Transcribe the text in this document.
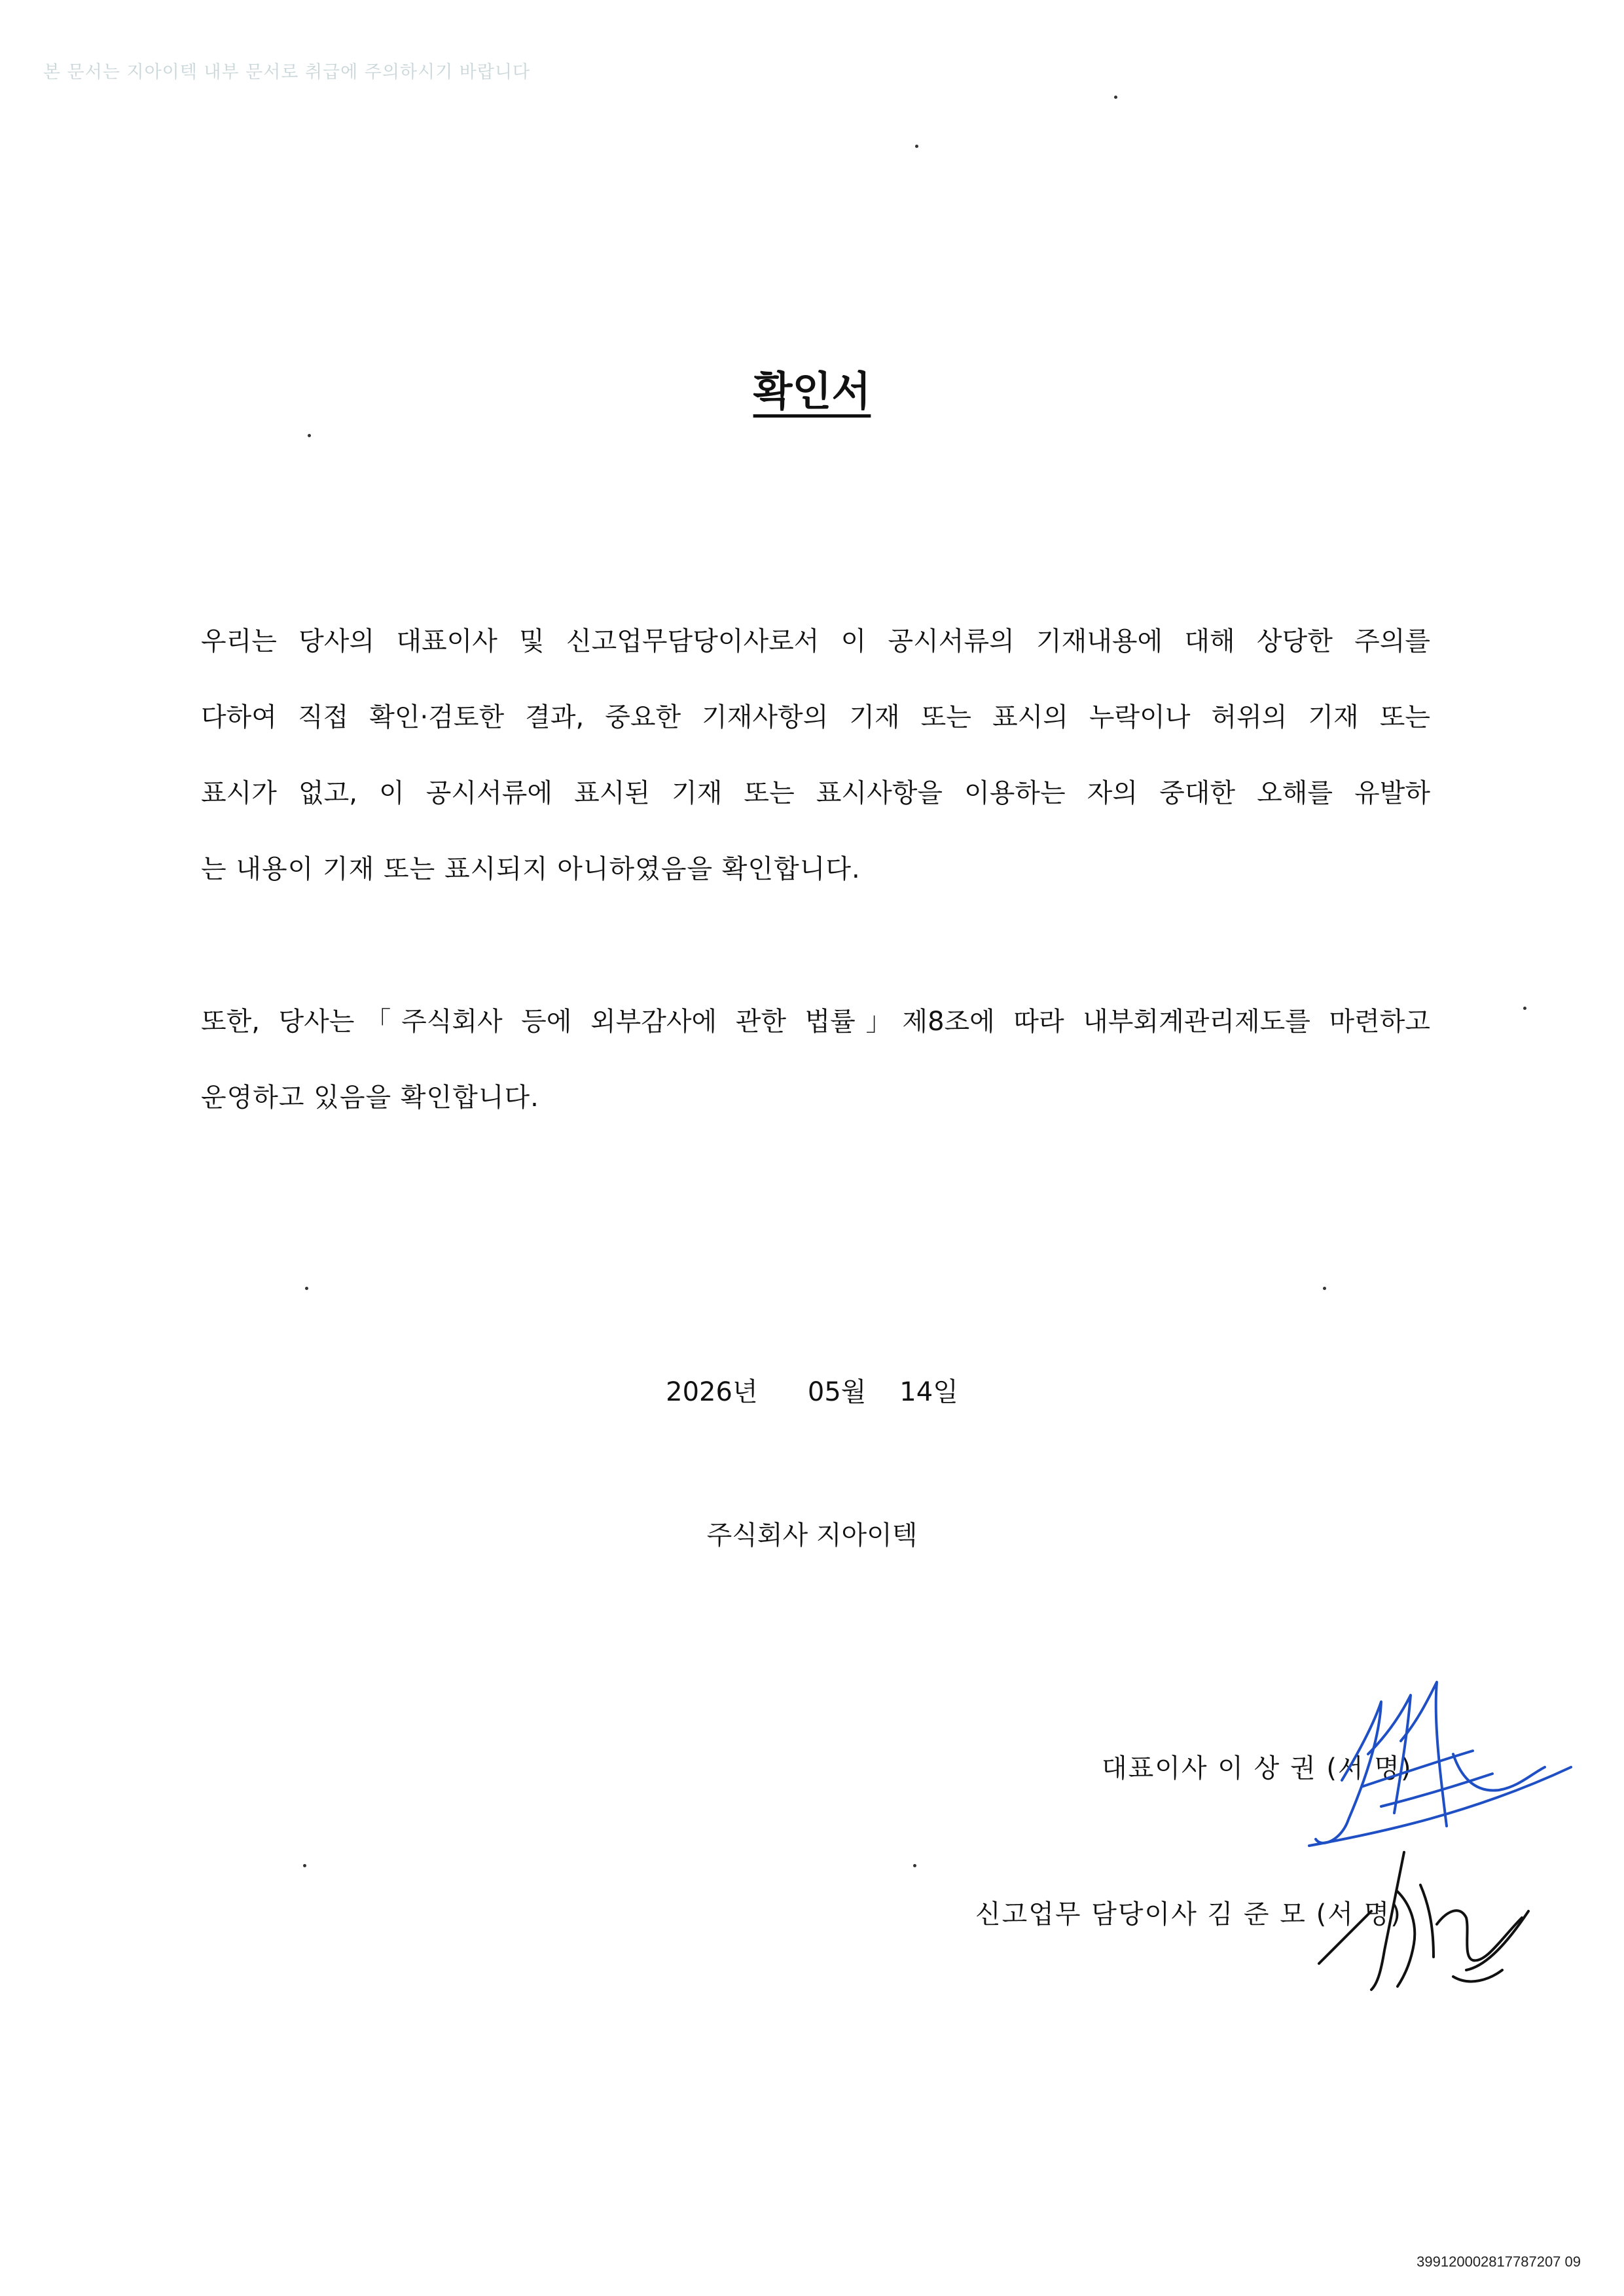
본 문서는 지아이텍 내부 문서로 취급에 주의하시기 바랍니다
확인서
우리는 당사의 대표이사 및 신고업무담당이사로서 이 공시서류의 기재내용에 대해 상당한 주의를
다하여 직접 확인·검토한 결과, 중요한 기재사항의 기재 또는 표시의 누락이나 허위의 기재 또는
표시가 없고, 이 공시서류에 표시된 기재 또는 표시사항을 이용하는 자의 중대한 오해를 유발하
는 내용이 기재 또는 표시되지 아니하였음을 확인합니다.
또한, 당사는「주식회사 등에 외부감사에 관한 법률」제8조에 따라 내부회계관리제도를 마련하고
운영하고 있음을 확인합니다.
2026년 05월 14일
주식회사 지아이텍
대표이사 이 상 권 (서 명)
신고업무 담당이사 김 준 모 (서 명)
399120002817787207 09
